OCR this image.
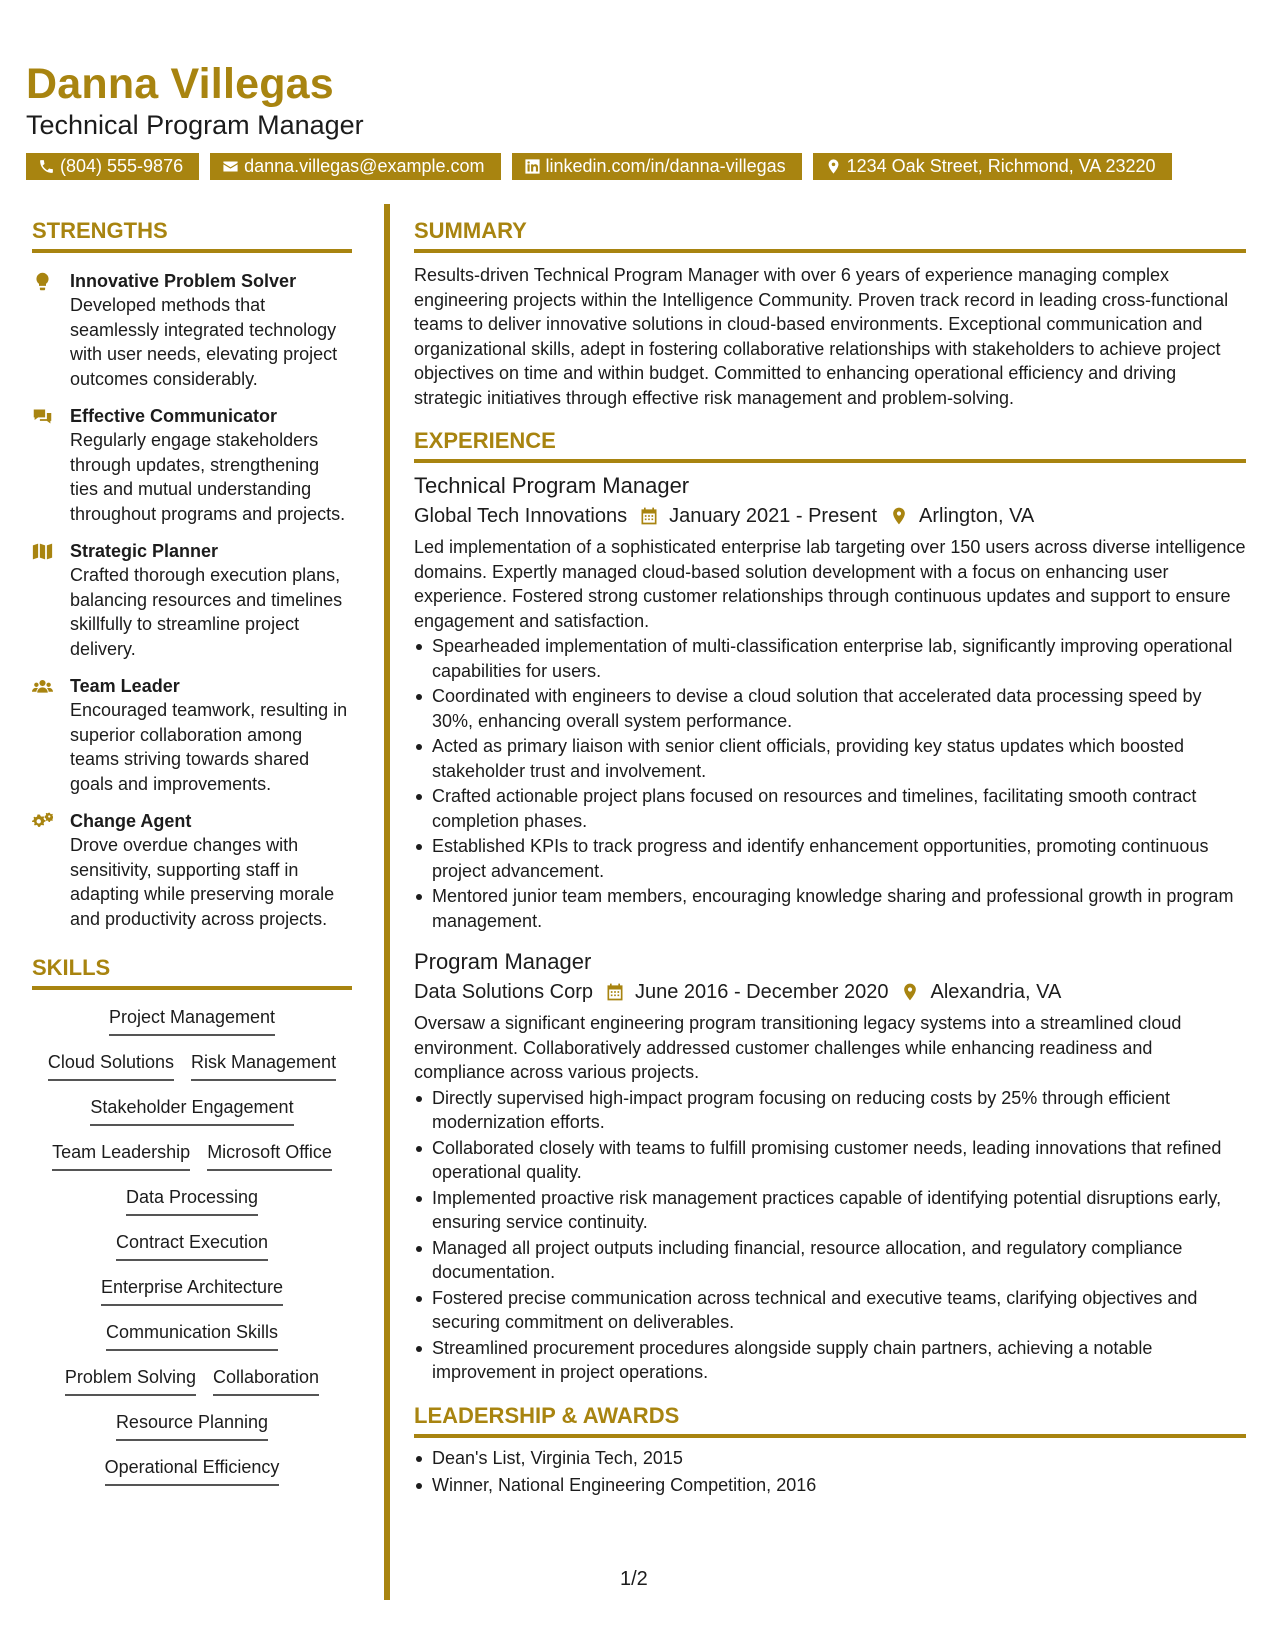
Danna Villegas
Technical Program Manager
(804) 555-9876	danna.villegas@example.com	linkedin.com/in/danna-villegas	1234 Oak Street, Richmond, VA 23220
STRENGTHS
Innovative Problem Solver
Developed methods that seamlessly integrated technology with user needs, elevating project outcomes considerably.
Effective Communicator
Regularly engage stakeholders through updates, strengthening ties and mutual understanding throughout programs and projects.
Strategic Planner
Crafted thorough execution plans, balancing resources and timelines skillfully to streamline project delivery.
Team Leader
Encouraged teamwork, resulting in superior collaboration among teams striving towards shared goals and improvements.
Change Agent
Drove overdue changes with sensitivity, supporting staff in adapting while preserving morale and productivity across projects.
SKILLS
Project Management
Cloud Solutions Risk Management
Stakeholder Engagement
Team Leadership Microsoft Office
Data Processing
Contract Execution
Enterprise Architecture
Communication Skills
Problem Solving Collaboration
Resource Planning
Operational Efficiency
SUMMARY
Results-driven Technical Program Manager with over 6 years of experience managing complex engineering projects within the Intelligence Community. Proven track record in leading cross-functional teams to deliver innovative solutions in cloud-based environments. Exceptional communication and organizational skills, adept in fostering collaborative relationships with stakeholders to achieve project objectives on time and within budget. Committed to enhancing operational efficiency and driving strategic initiatives through effective risk management and problem-solving.
EXPERIENCE
Technical Program Manager
Global Tech Innovations January 2021 - Present Arlington, VA
Led implementation of a sophisticated enterprise lab targeting over 150 users across diverse intelligence domains. Expertly managed cloud-based solution development with a focus on enhancing user experience. Fostered strong customer relationships through continuous updates and support to ensure engagement and satisfaction.
Spearheaded implementation of multi-classification enterprise lab, significantly improving operational capabilities for users.
Coordinated with engineers to devise a cloud solution that accelerated data processing speed by 30%, enhancing overall system performance.
Acted as primary liaison with senior client officials, providing key status updates which boosted stakeholder trust and involvement.
Crafted actionable project plans focused on resources and timelines, facilitating smooth contract completion phases.
Established KPIs to track progress and identify enhancement opportunities, promoting continuous project advancement.
Mentored junior team members, encouraging knowledge sharing and professional growth in program management.
Program Manager
Data Solutions Corp June 2016 - December 2020 Alexandria, VA
Oversaw a significant engineering program transitioning legacy systems into a streamlined cloud environment. Collaboratively addressed customer challenges while enhancing readiness and compliance across various projects.
Directly supervised high-impact program focusing on reducing costs by 25% through efficient modernization efforts.
Collaborated closely with teams to fulfill promising customer needs, leading innovations that refined operational quality.
Implemented proactive risk management practices capable of identifying potential disruptions early, ensuring service continuity.
Managed all project outputs including financial, resource allocation, and regulatory compliance documentation.
Fostered precise communication across technical and executive teams, clarifying objectives and securing commitment on deliverables.
Streamlined procurement procedures alongside supply chain partners, achieving a notable improvement in project operations.
LEADERSHIP & AWARDS
Dean's List, Virginia Tech, 2015
Winner, National Engineering Competition, 2016
1/2
